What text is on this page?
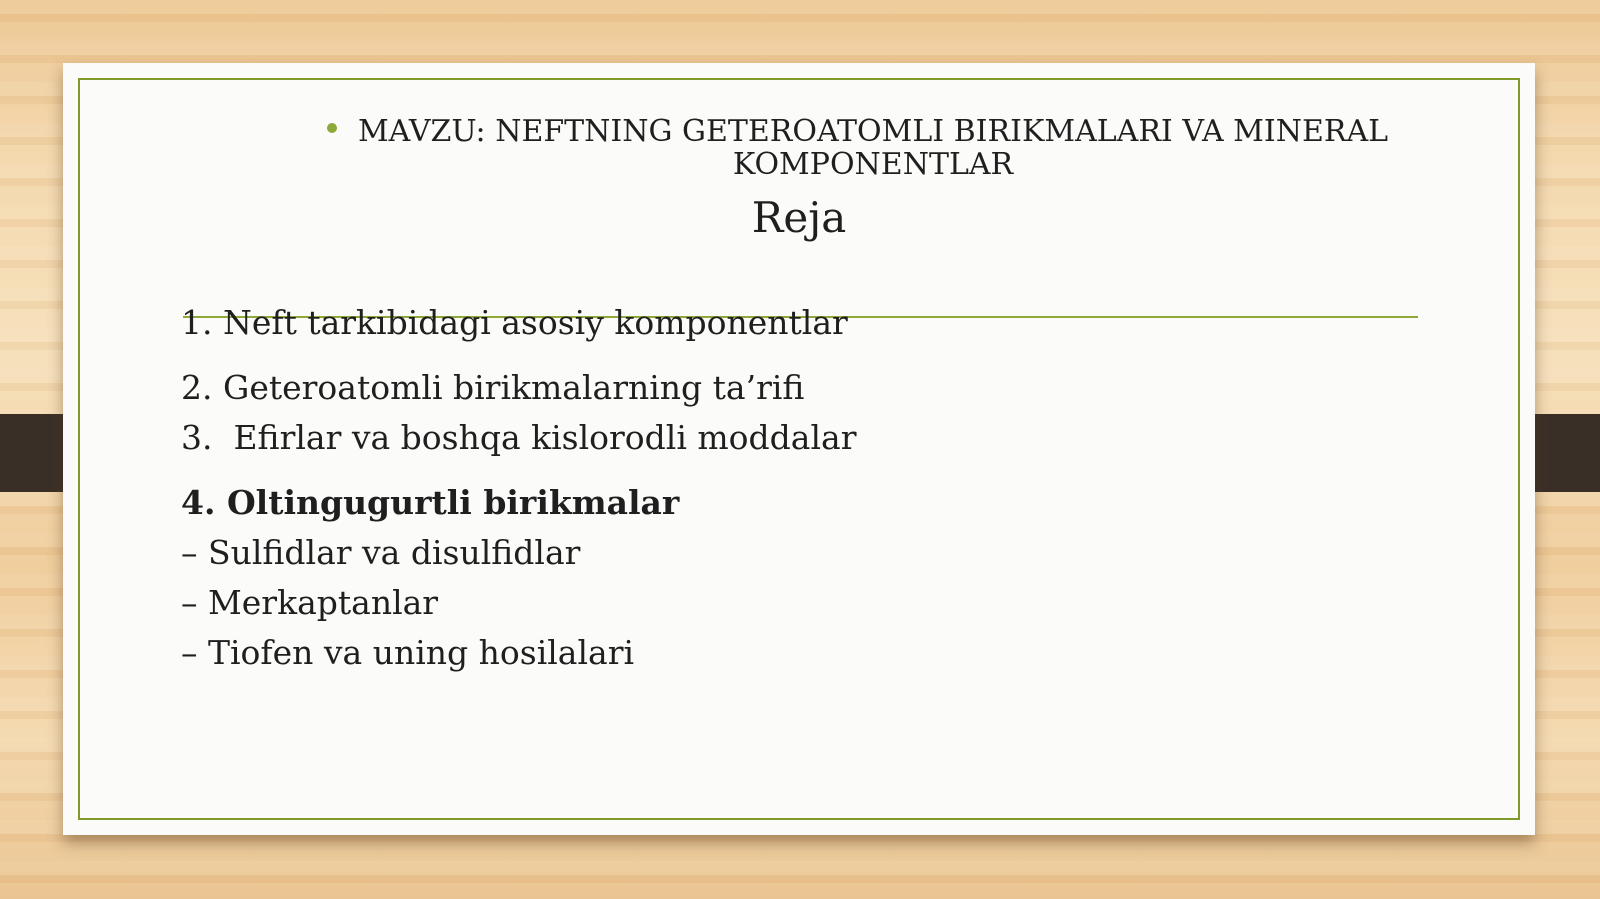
MAVZU: NEFTNING GETEROATOMLI BIRIKMALARI VA MINERAL
KOMPONENTLAR
Reja
1. Neft tarkibidagi asosiy komponentlar
2. Geteroatomli birikmalarning ta’rifi
3.  Efirlar va boshqa kislorodli moddalar
4. Oltingugurtli birikmalar
– Sulfidlar va disulfidlar
– Merkaptanlar
– Tiofen va uning hosilalari
